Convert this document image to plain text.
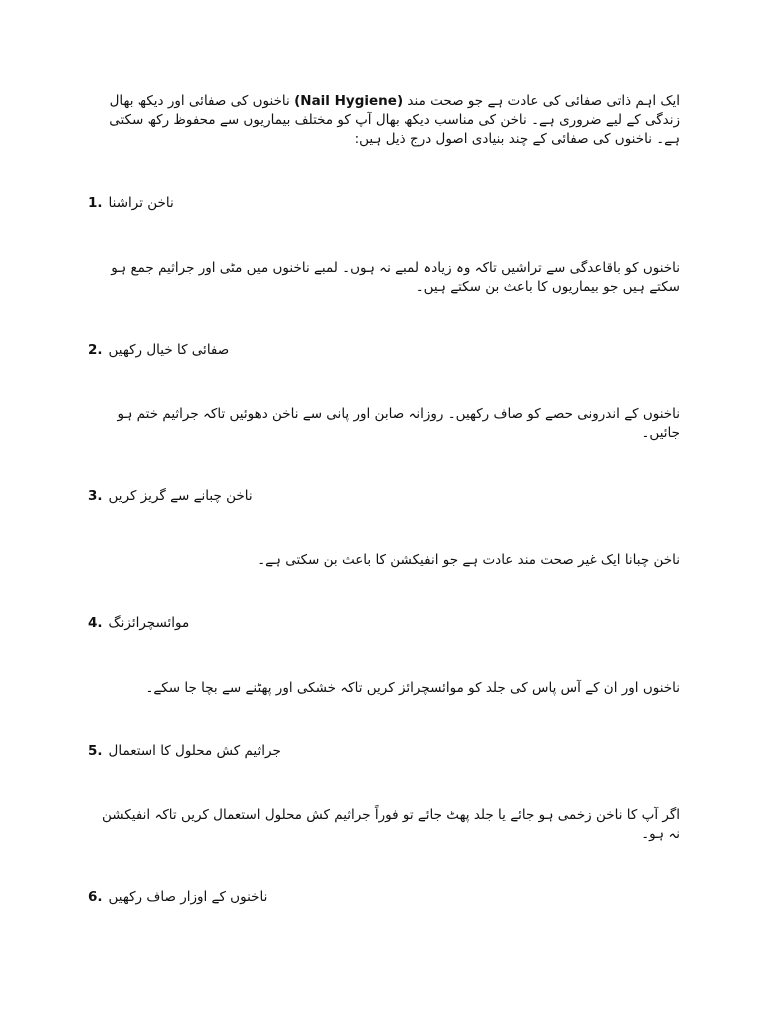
ایک اہم ذاتی صفائی کی عادت ہے جو صحت مند (Nail Hygiene) ناخنوں کی صفائی اور دیکھ بھال
زندگی کے لیے ضروری ہے۔ ناخن کی مناسب دیکھ بھال آپ کو مختلف بیماریوں سے محفوظ رکھ سکتی
ہے۔ ناخنوں کی صفائی کے چند بنیادی اصول درج ذیل ہیں:
1. ناخن تراشنا
ناخنوں کو باقاعدگی سے تراشیں تاکہ وہ زیادہ لمبے نہ ہوں۔ لمبے ناخنوں میں مٹی اور جراثیم جمع ہو سکتے ہیں جو بیماریوں کا باعث بن سکتے ہیں۔
2. صفائی کا خیال رکھیں
ناخنوں کے اندرونی حصے کو صاف رکھیں۔ روزانہ صابن اور پانی سے ناخن دھوئیں تاکہ جراثیم ختم ہو جائیں۔
3. ناخن چبانے سے گریز کریں
ناخن چبانا ایک غیر صحت مند عادت ہے جو انفیکشن کا باعث بن سکتی ہے۔
4. موائسچرائزنگ
ناخنوں اور ان کے آس پاس کی جلد کو موائسچرائز کریں تاکہ خشکی اور پھٹنے سے بچا جا سکے۔
5. جراثیم کش محلول کا استعمال
اگر آپ کا ناخن زخمی ہو جائے یا جلد پھٹ جائے تو فوراً جراثیم کش محلول استعمال کریں تاکہ انفیکشن نہ ہو۔
6. ناخنوں کے اوزار صاف رکھیں
